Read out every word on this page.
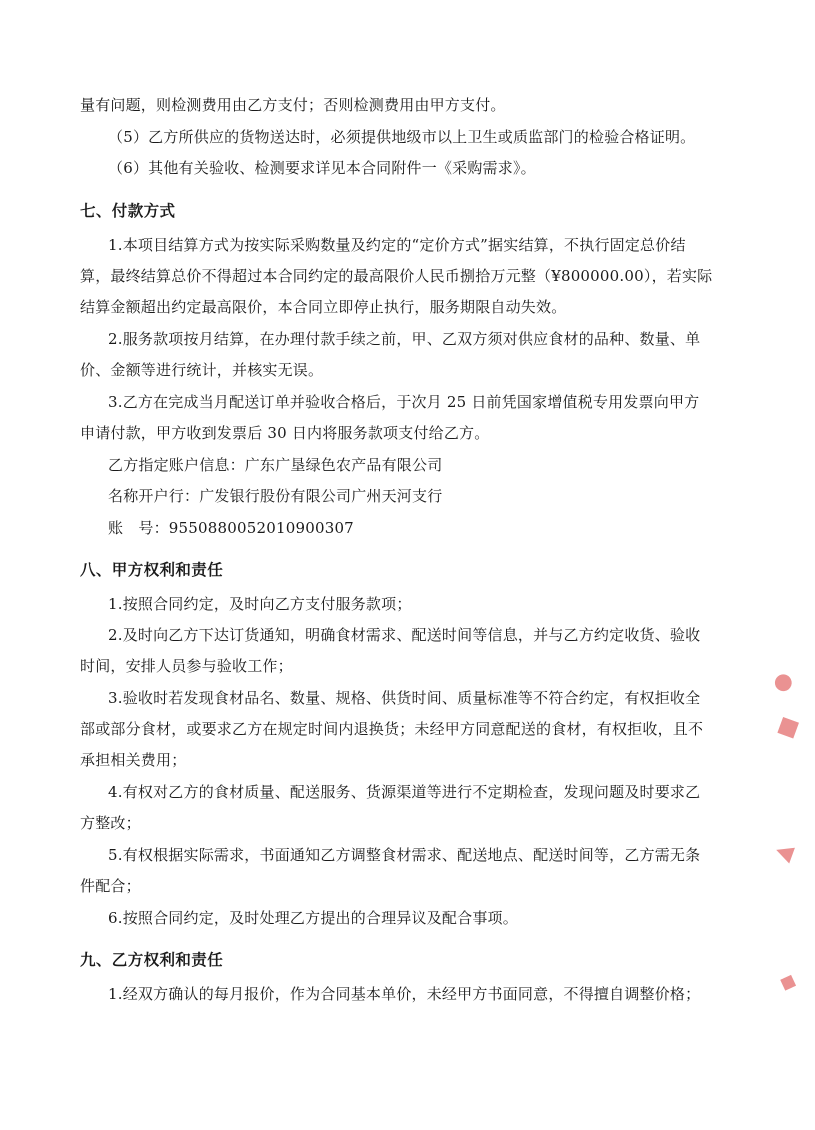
量有问题，则检测费用由乙方支付；否则检测费用由甲方支付。
（5）乙方所供应的货物送达时，必须提供地级市以上卫生或质监部门的检验合格证明。
（6）其他有关验收、检测要求详见本合同附件一《采购需求》。
七、付款方式
1.本项目结算方式为按实际采购数量及约定的“定价方式”据实结算，不执行固定总价结
算，最终结算总价不得超过本合同约定的最高限价人民币捌拾万元整（¥800000.00），若实际
结算金额超出约定最高限价，本合同立即停止执行，服务期限自动失效。
2.服务款项按月结算，在办理付款手续之前，甲、乙双方须对供应食材的品种、数量、单
价、金额等进行统计，并核实无误。
3.乙方在完成当月配送订单并验收合格后，于次月 25 日前凭国家增值税专用发票向甲方
申请付款，甲方收到发票后 30 日内将服务款项支付给乙方。
乙方指定账户信息：广东广垦绿色农产品有限公司
名称开户行：广发银行股份有限公司广州天河支行
账　号：9550880052010900307
八、甲方权利和责任
1.按照合同约定，及时向乙方支付服务款项；
2.及时向乙方下达订货通知，明确食材需求、配送时间等信息，并与乙方约定收货、验收
时间，安排人员参与验收工作；
3.验收时若发现食材品名、数量、规格、供货时间、质量标准等不符合约定，有权拒收全
部或部分食材，或要求乙方在规定时间内退换货；未经甲方同意配送的食材，有权拒收，且不
承担相关费用；
4.有权对乙方的食材质量、配送服务、货源渠道等进行不定期检查，发现问题及时要求乙
方整改；
5.有权根据实际需求，书面通知乙方调整食材需求、配送地点、配送时间等，乙方需无条
件配合；
6.按照合同约定，及时处理乙方提出的合理异议及配合事项。
九、乙方权利和责任
1.经双方确认的每月报价，作为合同基本单价，未经甲方书面同意，不得擅自调整价格；
●
■
▲
◆
